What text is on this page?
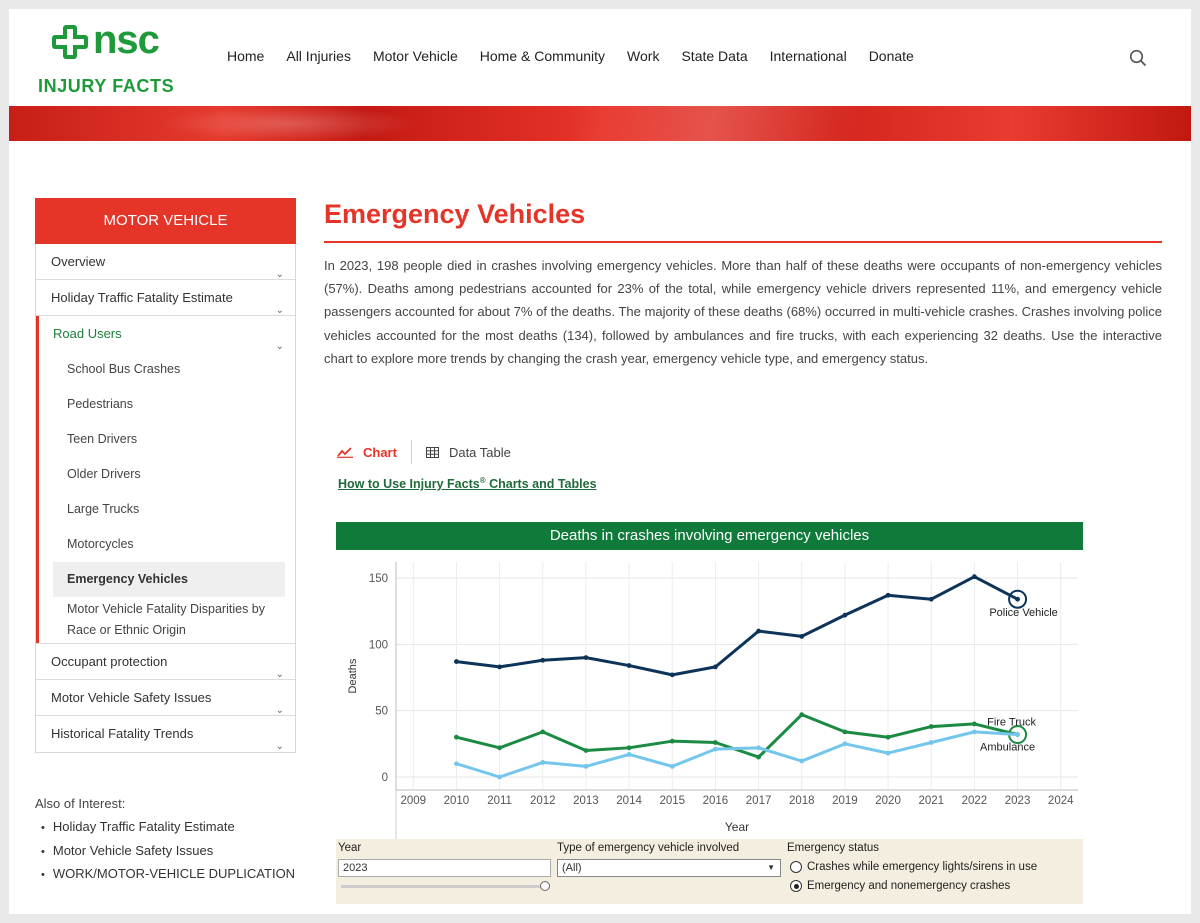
nsc
INJURY FACTS
Home All Injuries Motor Vehicle Home & Community Work State Data International Donate
MOTOR VEHICLE
Overview
⌄
Holiday Traffic Fatality Estimate
⌄
Road Users
⌄
School Bus Crashes
Pedestrians
Teen Drivers
Older Drivers
Large Trucks
Motorcycles
Emergency Vehicles
Motor Vehicle Fatality Disparities by Race or Ethnic Origin
Occupant protection
⌄
Motor Vehicle Safety Issues
⌄
Historical Fatality Trends
⌄
Also of Interest:
• Holiday Traffic Fatality Estimate
• Motor Vehicle Safety Issues
• WORK/MOTOR-VEHICLE DUPLICATION
Emergency Vehicles

In 2023, 198 people died in crashes involving emergency vehicles. More than half of these deaths were occupants of non-emergency vehicles (57%). Deaths among pedestrians accounted for 23% of the total, while emergency vehicle drivers represented 11%, and emergency vehicle passengers accounted for about 7% of the deaths. The majority of these deaths (68%) occurred in multi-vehicle crashes. Crashes involving police vehicles accounted for the most deaths (134), followed by ambulances and fire trucks, with each experiencing 32 deaths. Use the interactive chart to explore more trends by changing the crash year, emergency vehicle type, and emergency status.

Chart	Data Table
How to Use Injury Facts® Charts and Tables
Deaths in crashes involving emergency vehicles
0
50
100
150
2009 2010 2011 2012 2013 2014 2015 2016 2017 2018 2019 2020 2021 2022 2023 2024
Deaths
Year
Police Vehicle
Fire Truck
Ambulance
Year
2023
Type of emergency vehicle involved
(All)	▼
Emergency status
Crashes while emergency lights/sirens in use
Emergency and nonemergency crashes
